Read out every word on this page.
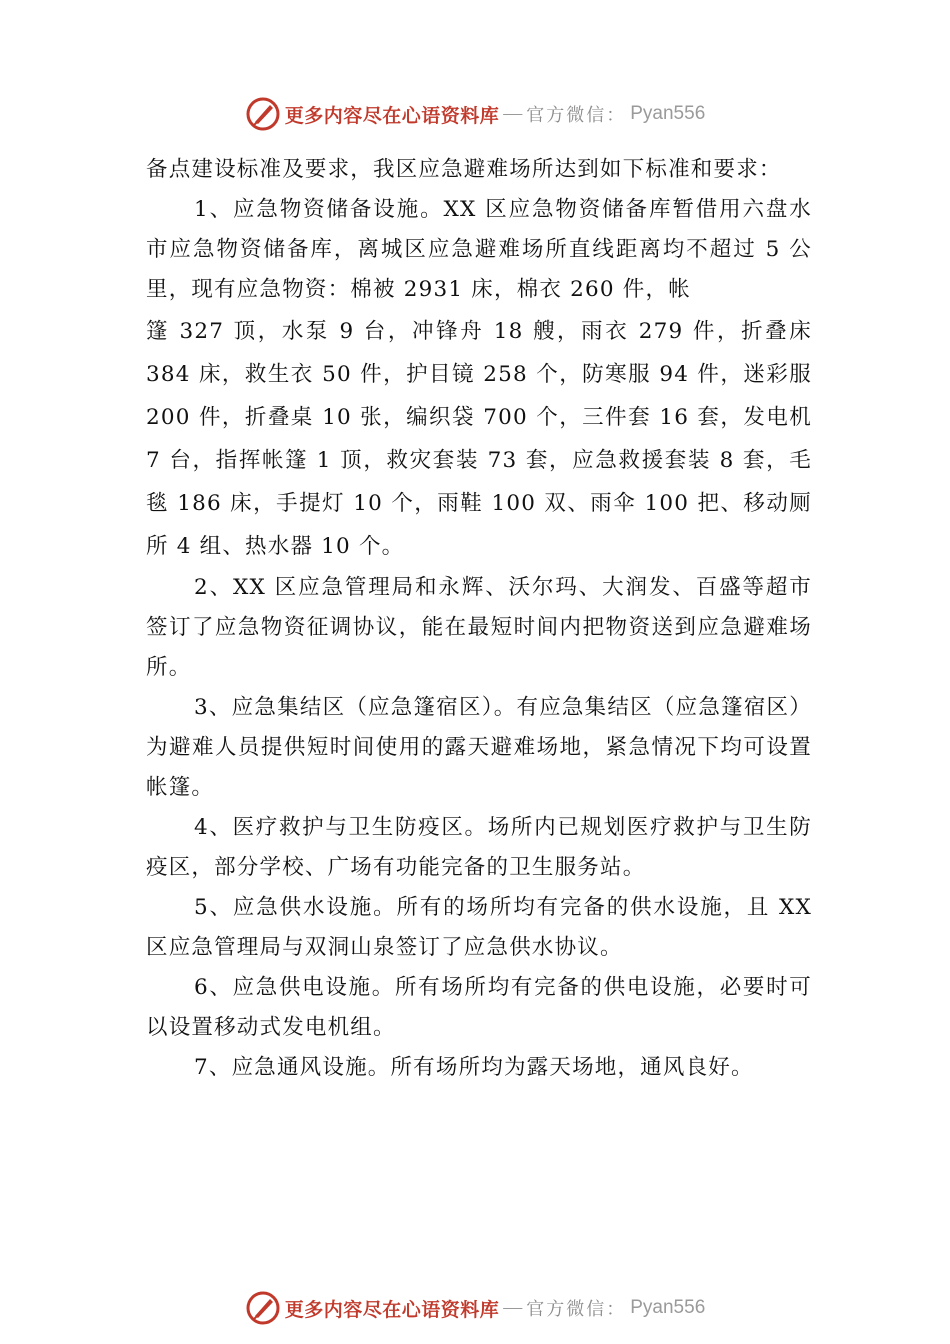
更多内容尽在心语资料库 — 官方微信： Pyan556

备点建设标准及要求，我区应急避难场所达到如下标准和要求：

1、应急物资储备设施。XX 区应急物资储备库暂借用六盘水市应急物资储备库，离城区应急避难场所直线距离均不超过 5 公里，现有应急物资：棉被 2931 床，棉衣 260 件，帐

篷 327 顶，水泵 9 台，冲锋舟 18 艘，雨衣 279 件，折叠床 384 床，救生衣 50 件，护目镜 258 个，防寒服 94 件，迷彩服 200 件，折叠桌 10 张，编织袋 700 个，三件套 16 套，发电机 7 台，指挥帐篷 1 顶，救灾套装 73 套，应急救援套装 8 套，毛毯 186 床，手提灯 10 个，雨鞋 100 双、雨伞 100 把、移动厕所 4 组、热水器 10 个。

2、XX 区应急管理局和永辉、沃尔玛、大润发、百盛等超市签订了应急物资征调协议，能在最短时间内把物资送到应急避难场所。

3、应急集结区（应急篷宿区）。有应急集结区（应急篷宿区）为避难人员提供短时间使用的露天避难场地，紧急情况下均可设置帐篷。

4、医疗救护与卫生防疫区。场所内已规划医疗救护与卫生防疫区，部分学校、广场有功能完备的卫生服务站。

5、应急供水设施。所有的场所均有完备的供水设施，且 XX 区应急管理局与双洞山泉签订了应急供水协议。

6、应急供电设施。所有场所均有完备的供电设施，必要时可以设置移动式发电机组。

7、应急通风设施。所有场所均为露天场地，通风良好。

更多内容尽在心语资料库 — 官方微信： Pyan556
